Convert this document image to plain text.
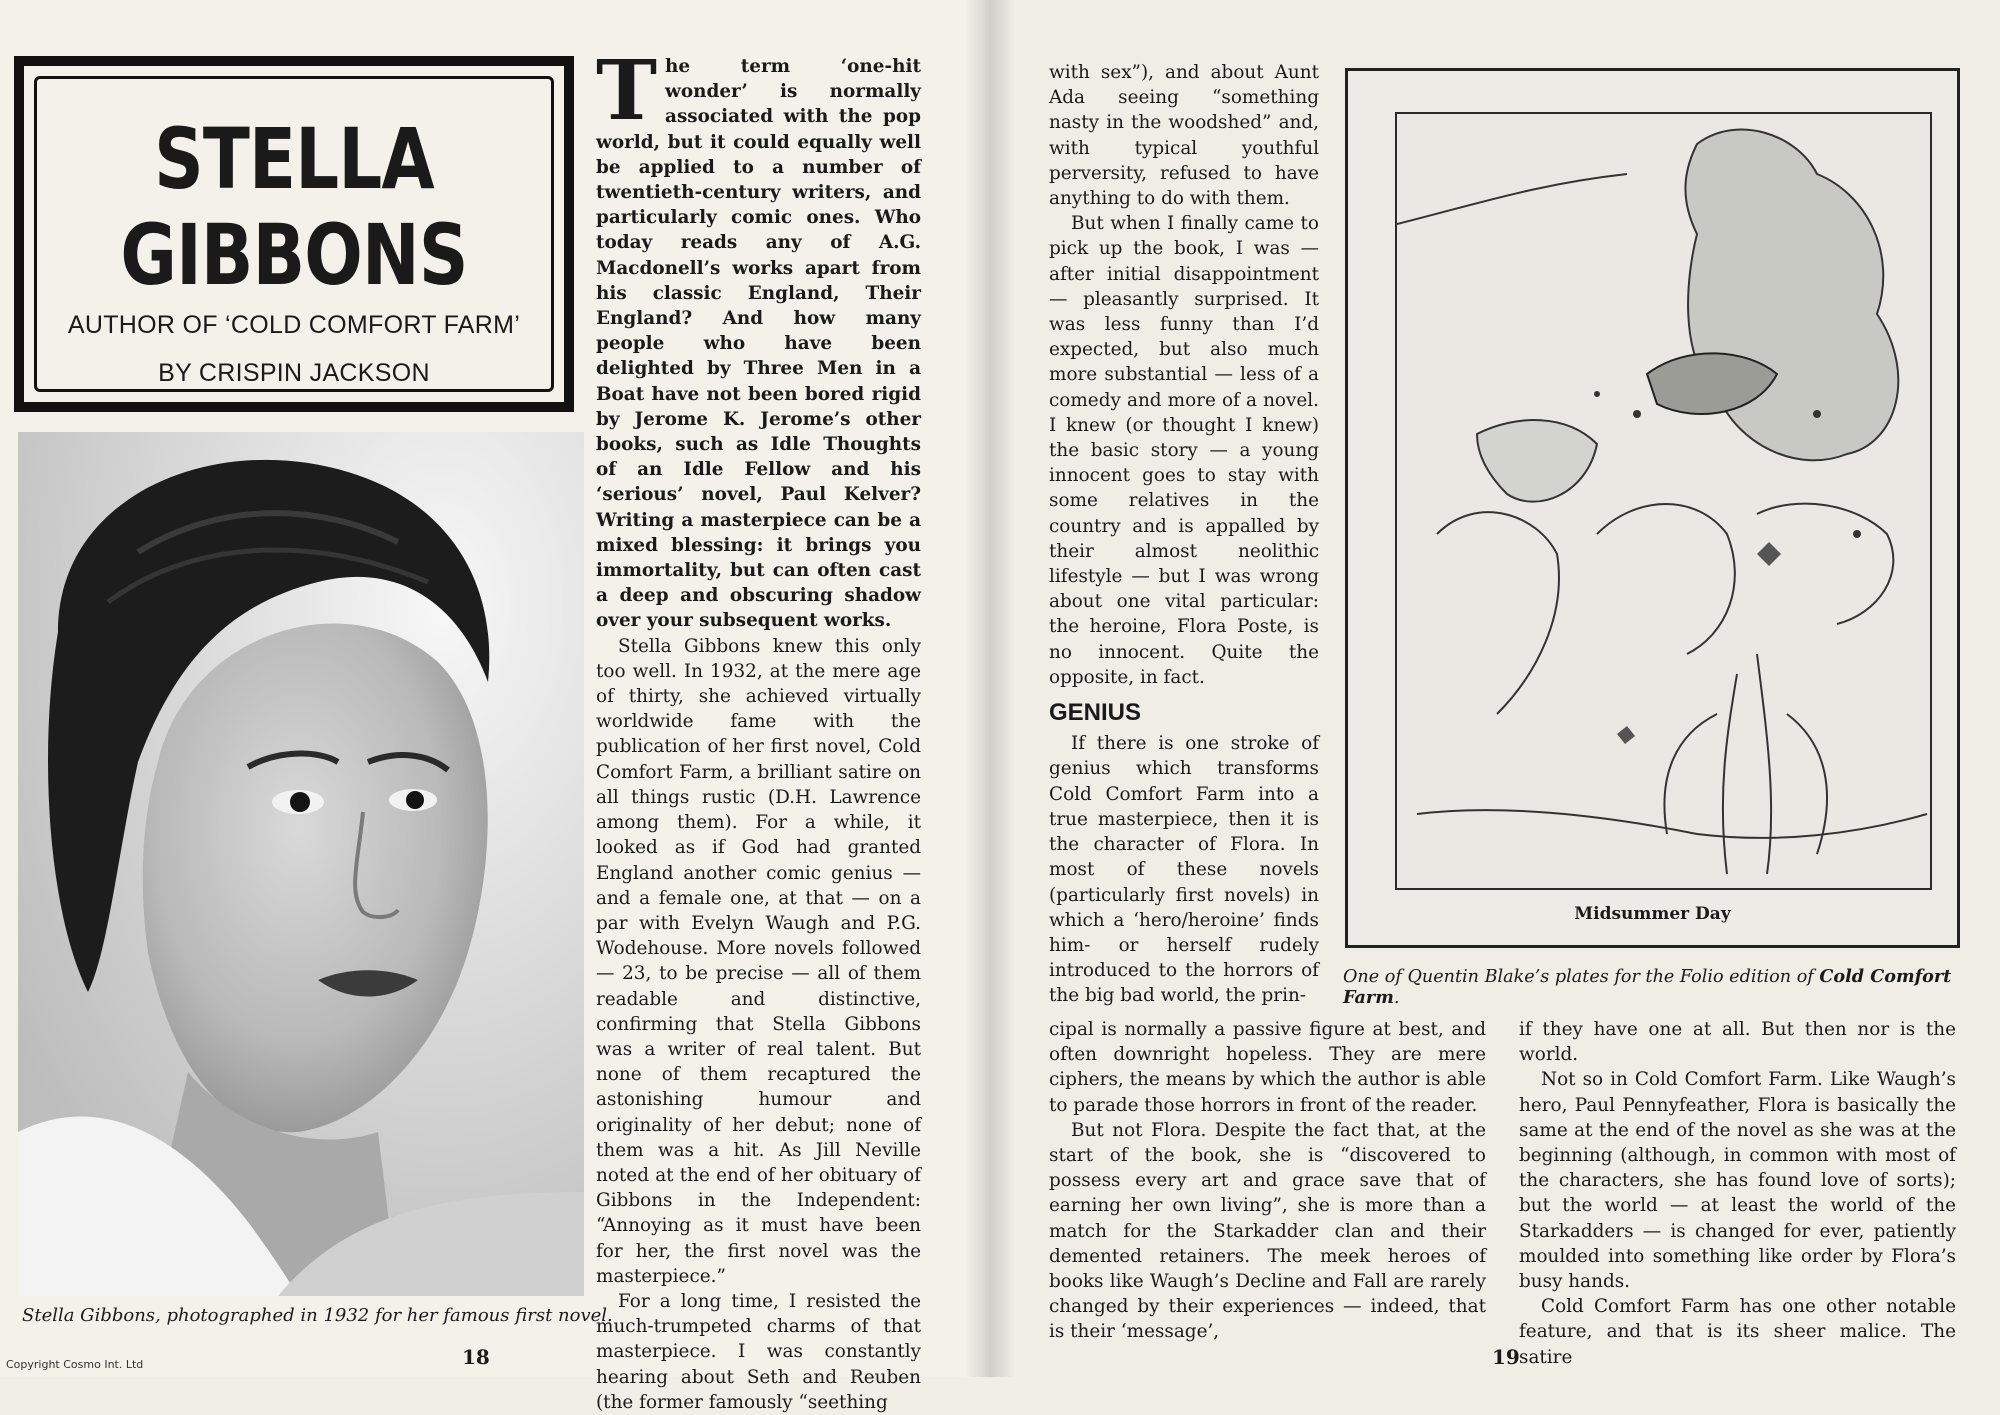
STELLA
GIBBONS
AUTHOR OF ‘COLD COMFORT FARM’
BY CRISPIN JACKSON
Stella Gibbons, photographed in 1932 for her famous first novel.

The term ‘one-hit wonder’ is normally associated with the pop world, but it could equally well be applied to a number of twentieth-century writers, and particularly comic ones. Who today reads any of A.G. Macdonell’s works apart from his classic England, Their England? And how many people who have been delighted by Three Men in a Boat have not been bored rigid by Jerome K. Jerome’s other books, such as Idle Thoughts of an Idle Fellow and his ‘serious’ novel, Paul Kelver? Writing a masterpiece can be a mixed blessing: it brings you immortality, but can often cast a deep and obscuring shadow over your subsequent works.

Stella Gibbons knew this only too well. In 1932, at the mere age of thirty, she achieved virtually worldwide fame with the publication of her first novel, Cold Comfort Farm, a brilliant satire on all things rustic (D.H. Lawrence among them). For a while, it looked as if God had granted England another comic genius — and a female one, at that — on a par with Evelyn Waugh and P.G. Wodehouse. More novels followed — 23, to be precise — all of them readable and distinctive, confirming that Stella Gibbons was a writer of real talent. But none of them recaptured the astonishing humour and originality of her debut; none of them was a hit. As Jill Neville noted at the end of her obituary of Gibbons in the Independent: “Annoying as it must have been for her, the first novel was the masterpiece.”

For a long time, I resisted the much-trumpeted charms of that masterpiece. I was constantly hearing about Seth and Reuben (the former famously “seething

with sex”), and about Aunt Ada seeing “something nasty in the woodshed” and, with typical youthful perversity, refused to have anything to do with them.

But when I finally came to pick up the book, I was — after initial disappointment — pleasantly surprised. It was less funny than I’d expected, but also much more substantial — less of a comedy and more of a novel. I knew (or thought I knew) the basic story — a young innocent goes to stay with some relatives in the country and is appalled by their almost neolithic lifestyle — but I was wrong about one vital particular: the heroine, Flora Poste, is no innocent. Quite the opposite, in fact.

GENIUS

If there is one stroke of genius which transforms Cold Comfort Farm into a true masterpiece, then it is the character of Flora. In most of these novels (particularly first novels) in which a ‘hero/heroine’ finds him- or herself rudely introduced to the horrors of the big bad world, the prin-

cipal is normally a passive figure at best, and often downright hopeless. They are mere ciphers, the means by which the author is able to parade those horrors in front of the reader.

But not Flora. Despite the fact that, at the start of the book, she is “discovered to possess every art and grace save that of earning her own living”, she is more than a match for the Starkadder clan and their demented retainers. The meek heroes of books like Waugh’s Decline and Fall are rarely changed by their experiences — indeed, that is their ‘message’,

if they have one at all. But then nor is the world.

Not so in Cold Comfort Farm. Like Waugh’s hero, Paul Pennyfeather, Flora is basically the same at the end of the novel as she was at the beginning (although, in common with most of the characters, she has found love of sorts); but the world — at least the world of the Starkadders — is changed for ever, patiently moulded into something like order by Flora’s busy hands.

Cold Comfort Farm has one other notable feature, and that is its sheer malice. The satire

Midsummer Day
One of Quentin Blake’s plates for the Folio edition of Cold Comfort Farm.
18	19
Copyright Cosmo Int. Ltd
